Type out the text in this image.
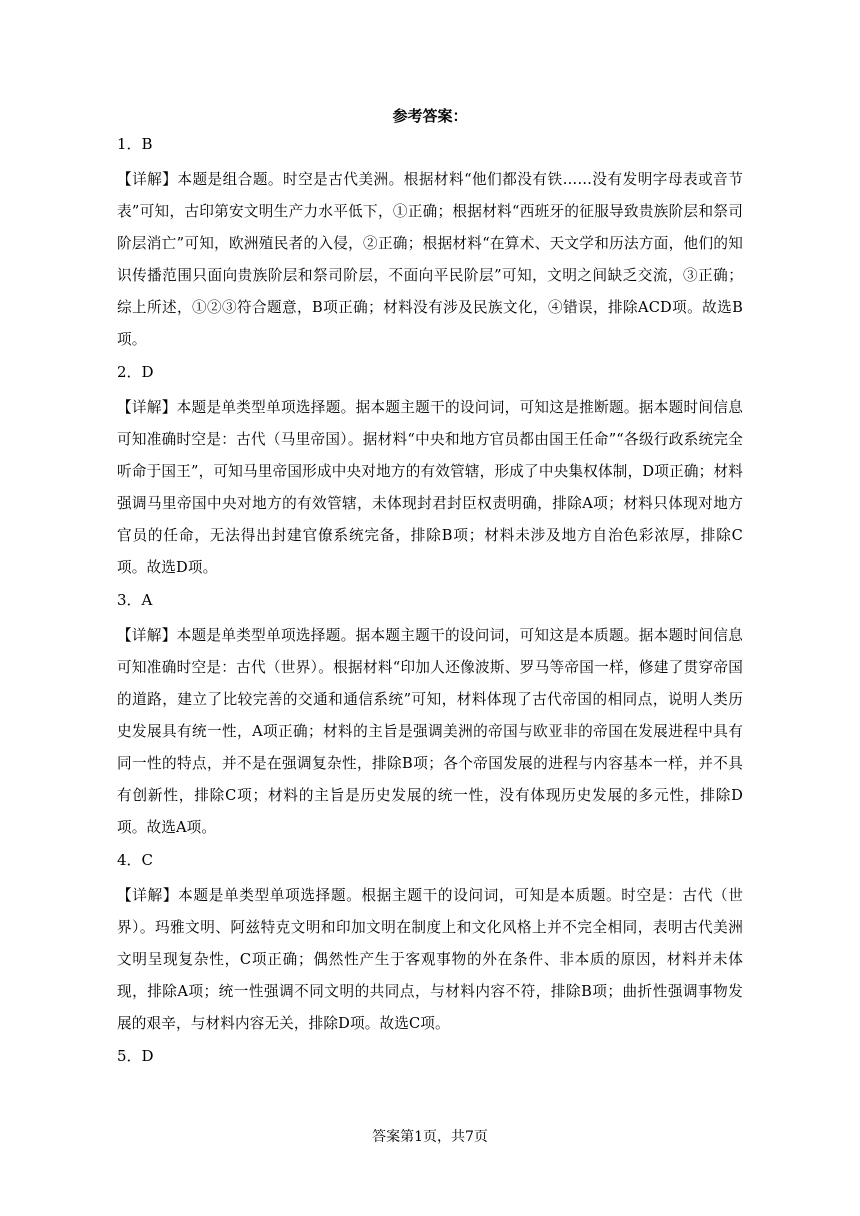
参考答案：

1．B

【详解】本题是组合题。时空是古代美洲。根据材料“他们都没有铁……没有发明字母表或音节表”可知，古印第安文明生产力水平低下，①正确；根据材料“西班牙的征服导致贵族阶层和祭司阶层消亡”可知，欧洲殖民者的入侵，②正确；根据材料“在算术、天文学和历法方面，他们的知识传播范围只面向贵族阶层和祭司阶层，不面向平民阶层”可知，文明之间缺乏交流，③正确；综上所述，①②③符合题意，B项正确；材料没有涉及民族文化，④错误，排除ACD项。故选B项。

2．D

【详解】本题是单类型单项选择题。据本题主题干的设问词，可知这是推断题。据本题时间信息可知准确时空是：古代（马里帝国）。据材料“中央和地方官员都由国王任命”“各级行政系统完全听命于国王”，可知马里帝国形成中央对地方的有效管辖，形成了中央集权体制，D项正确；材料强调马里帝国中央对地方的有效管辖，未体现封君封臣权责明确，排除A项；材料只体现对地方官员的任命，无法得出封建官僚系统完备，排除B项；材料未涉及地方自治色彩浓厚，排除C项。故选D项。

3．A

【详解】本题是单类型单项选择题。据本题主题干的设问词，可知这是本质题。据本题时间信息可知准确时空是：古代（世界）。根据材料“印加人还像波斯、罗马等帝国一样，修建了贯穿帝国的道路，建立了比较完善的交通和通信系统”可知，材料体现了古代帝国的相同点，说明人类历史发展具有统一性，A项正确；材料的主旨是强调美洲的帝国与欧亚非的帝国在发展进程中具有同一性的特点，并不是在强调复杂性，排除B项；各个帝国发展的进程与内容基本一样，并不具有创新性，排除C项；材料的主旨是历史发展的统一性，没有体现历史发展的多元性，排除D项。故选A项。

4．C

【详解】本题是单类型单项选择题。根据主题干的设问词，可知是本质题。时空是：古代（世界）。玛雅文明、阿兹特克文明和印加文明在制度上和文化风格上并不完全相同，表明古代美洲文明呈现复杂性，C项正确；偶然性产生于客观事物的外在条件、非本质的原因，材料并未体现，排除A项；统一性强调不同文明的共同点，与材料内容不符，排除B项；曲折性强调事物发展的艰辛，与材料内容无关，排除D项。故选C项。

5．D

答案第1页，共7页
